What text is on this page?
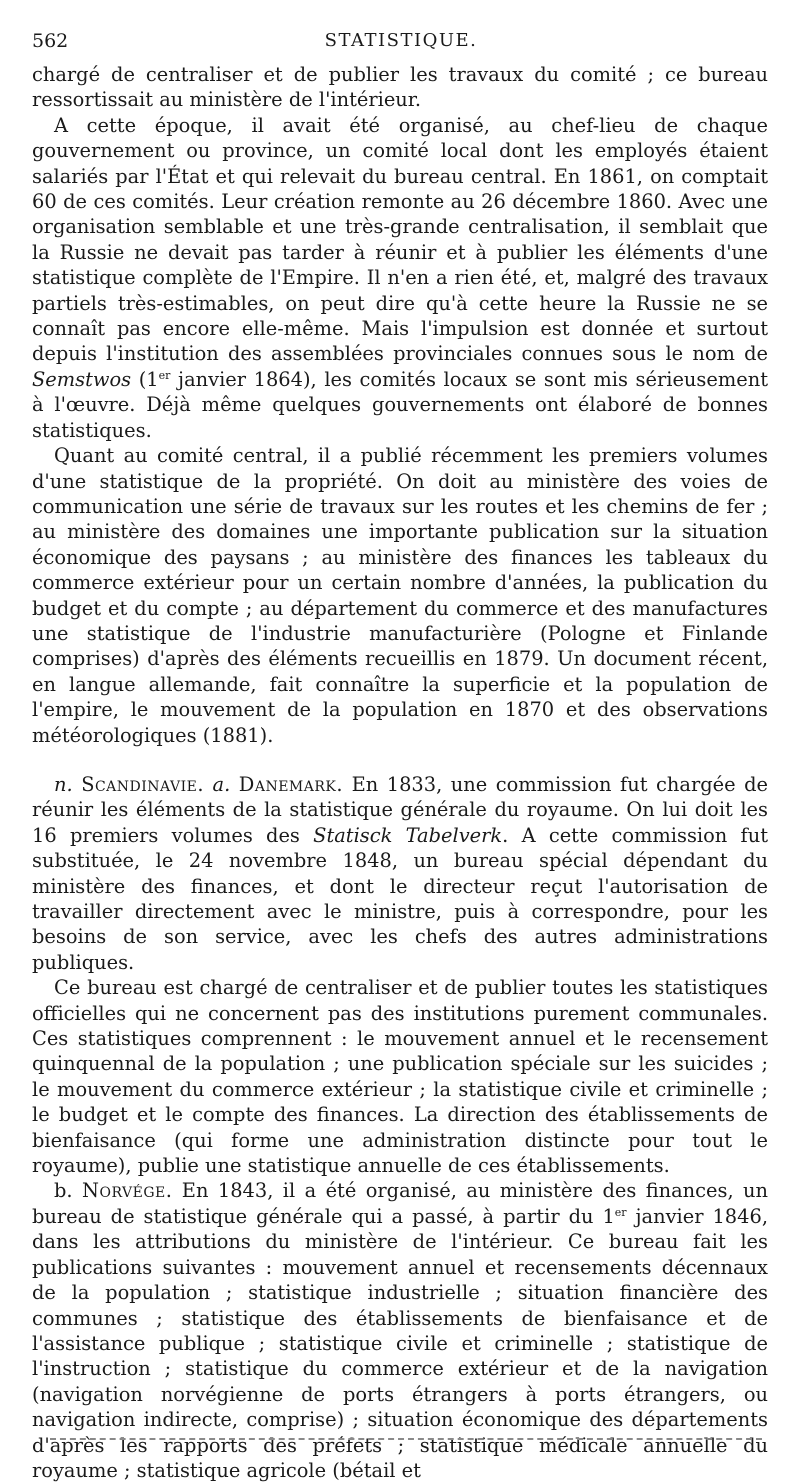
562	STATISTIQUE.

chargé de centraliser et de publier les travaux du comité ; ce bureau ressortissait au ministère de l'intérieur.

A cette époque, il avait été organisé, au chef-lieu de chaque gouvernement ou province, un comité local dont les employés étaient salariés par l'État et qui relevait du bureau central. En 1861, on comptait 60 de ces comités. Leur création remonte au 26 décembre 1860. Avec une organisation semblable et une très-grande centralisation, il semblait que la Russie ne devait pas tarder à réunir et à publier les éléments d'une statistique complète de l'Empire. Il n'en a rien été, et, malgré des travaux partiels très-estimables, on peut dire qu'à cette heure la Russie ne se connaît pas encore elle-même. Mais l'impulsion est donnée et surtout depuis l'institution des assemblées provinciales connues sous le nom de Semstwos (1er janvier 1864), les comités locaux se sont mis sérieusement à l'œuvre. Déjà même quelques gouvernements ont élaboré de bonnes statistiques.

Quant au comité central, il a publié récemment les premiers volumes d'une statistique de la propriété. On doit au ministère des voies de communication une série de travaux sur les routes et les chemins de fer ; au ministère des domaines une importante publication sur la situation économique des paysans ; au ministère des finances les tableaux du commerce extérieur pour un certain nombre d'années, la publication du budget et du compte ; au département du commerce et des manufactures une statistique de l'industrie manufacturière (Pologne et Finlande comprises) d'après des éléments recueillis en 1879. Un document récent, en langue allemande, fait connaître la superficie et la population de l'empire, le mouvement de la population en 1870 et des observations météorologiques (1881).

n. Scandinavie. a. Danemark. En 1833, une commission fut chargée de réunir les éléments de la statistique générale du royaume. On lui doit les 16 premiers volumes des Statisck Tabelverk. A cette commission fut substituée, le 24 novembre 1848, un bureau spécial dépendant du ministère des finances, et dont le directeur reçut l'autorisation de travailler directement avec le ministre, puis à correspondre, pour les besoins de son service, avec les chefs des autres administrations publiques.

Ce bureau est chargé de centraliser et de publier toutes les statistiques officielles qui ne concernent pas des institutions purement communales. Ces statistiques comprennent : le mouvement annuel et le recensement quinquennal de la population ; une publication spéciale sur les suicides ; le mouvement du commerce extérieur ; la statistique civile et criminelle ; le budget et le compte des finances. La direction des établissements de bienfaisance (qui forme une administration distincte pour tout le royaume), publie une statistique annuelle de ces établissements.

b. Norvége. En 1843, il a été organisé, au ministère des finances, un bureau de statistique générale qui a passé, à partir du 1er janvier 1846, dans les attributions du ministère de l'intérieur. Ce bureau fait les publications suivantes : mouvement annuel et recensements décennaux de la population ; statistique industrielle ; situation financière des communes ; statistique des établissements de bienfaisance et de l'assistance publique ; statistique civile et criminelle ; statistique de l'instruction ; statistique du commerce extérieur et de la navigation (navigation norvégienne de ports étrangers à ports étrangers, ou navigation indirecte, comprise) ; situation économique des départements d'après les rapports des préfets ; statistique médicale annuelle du royaume ; statistique agricole (bétail et
